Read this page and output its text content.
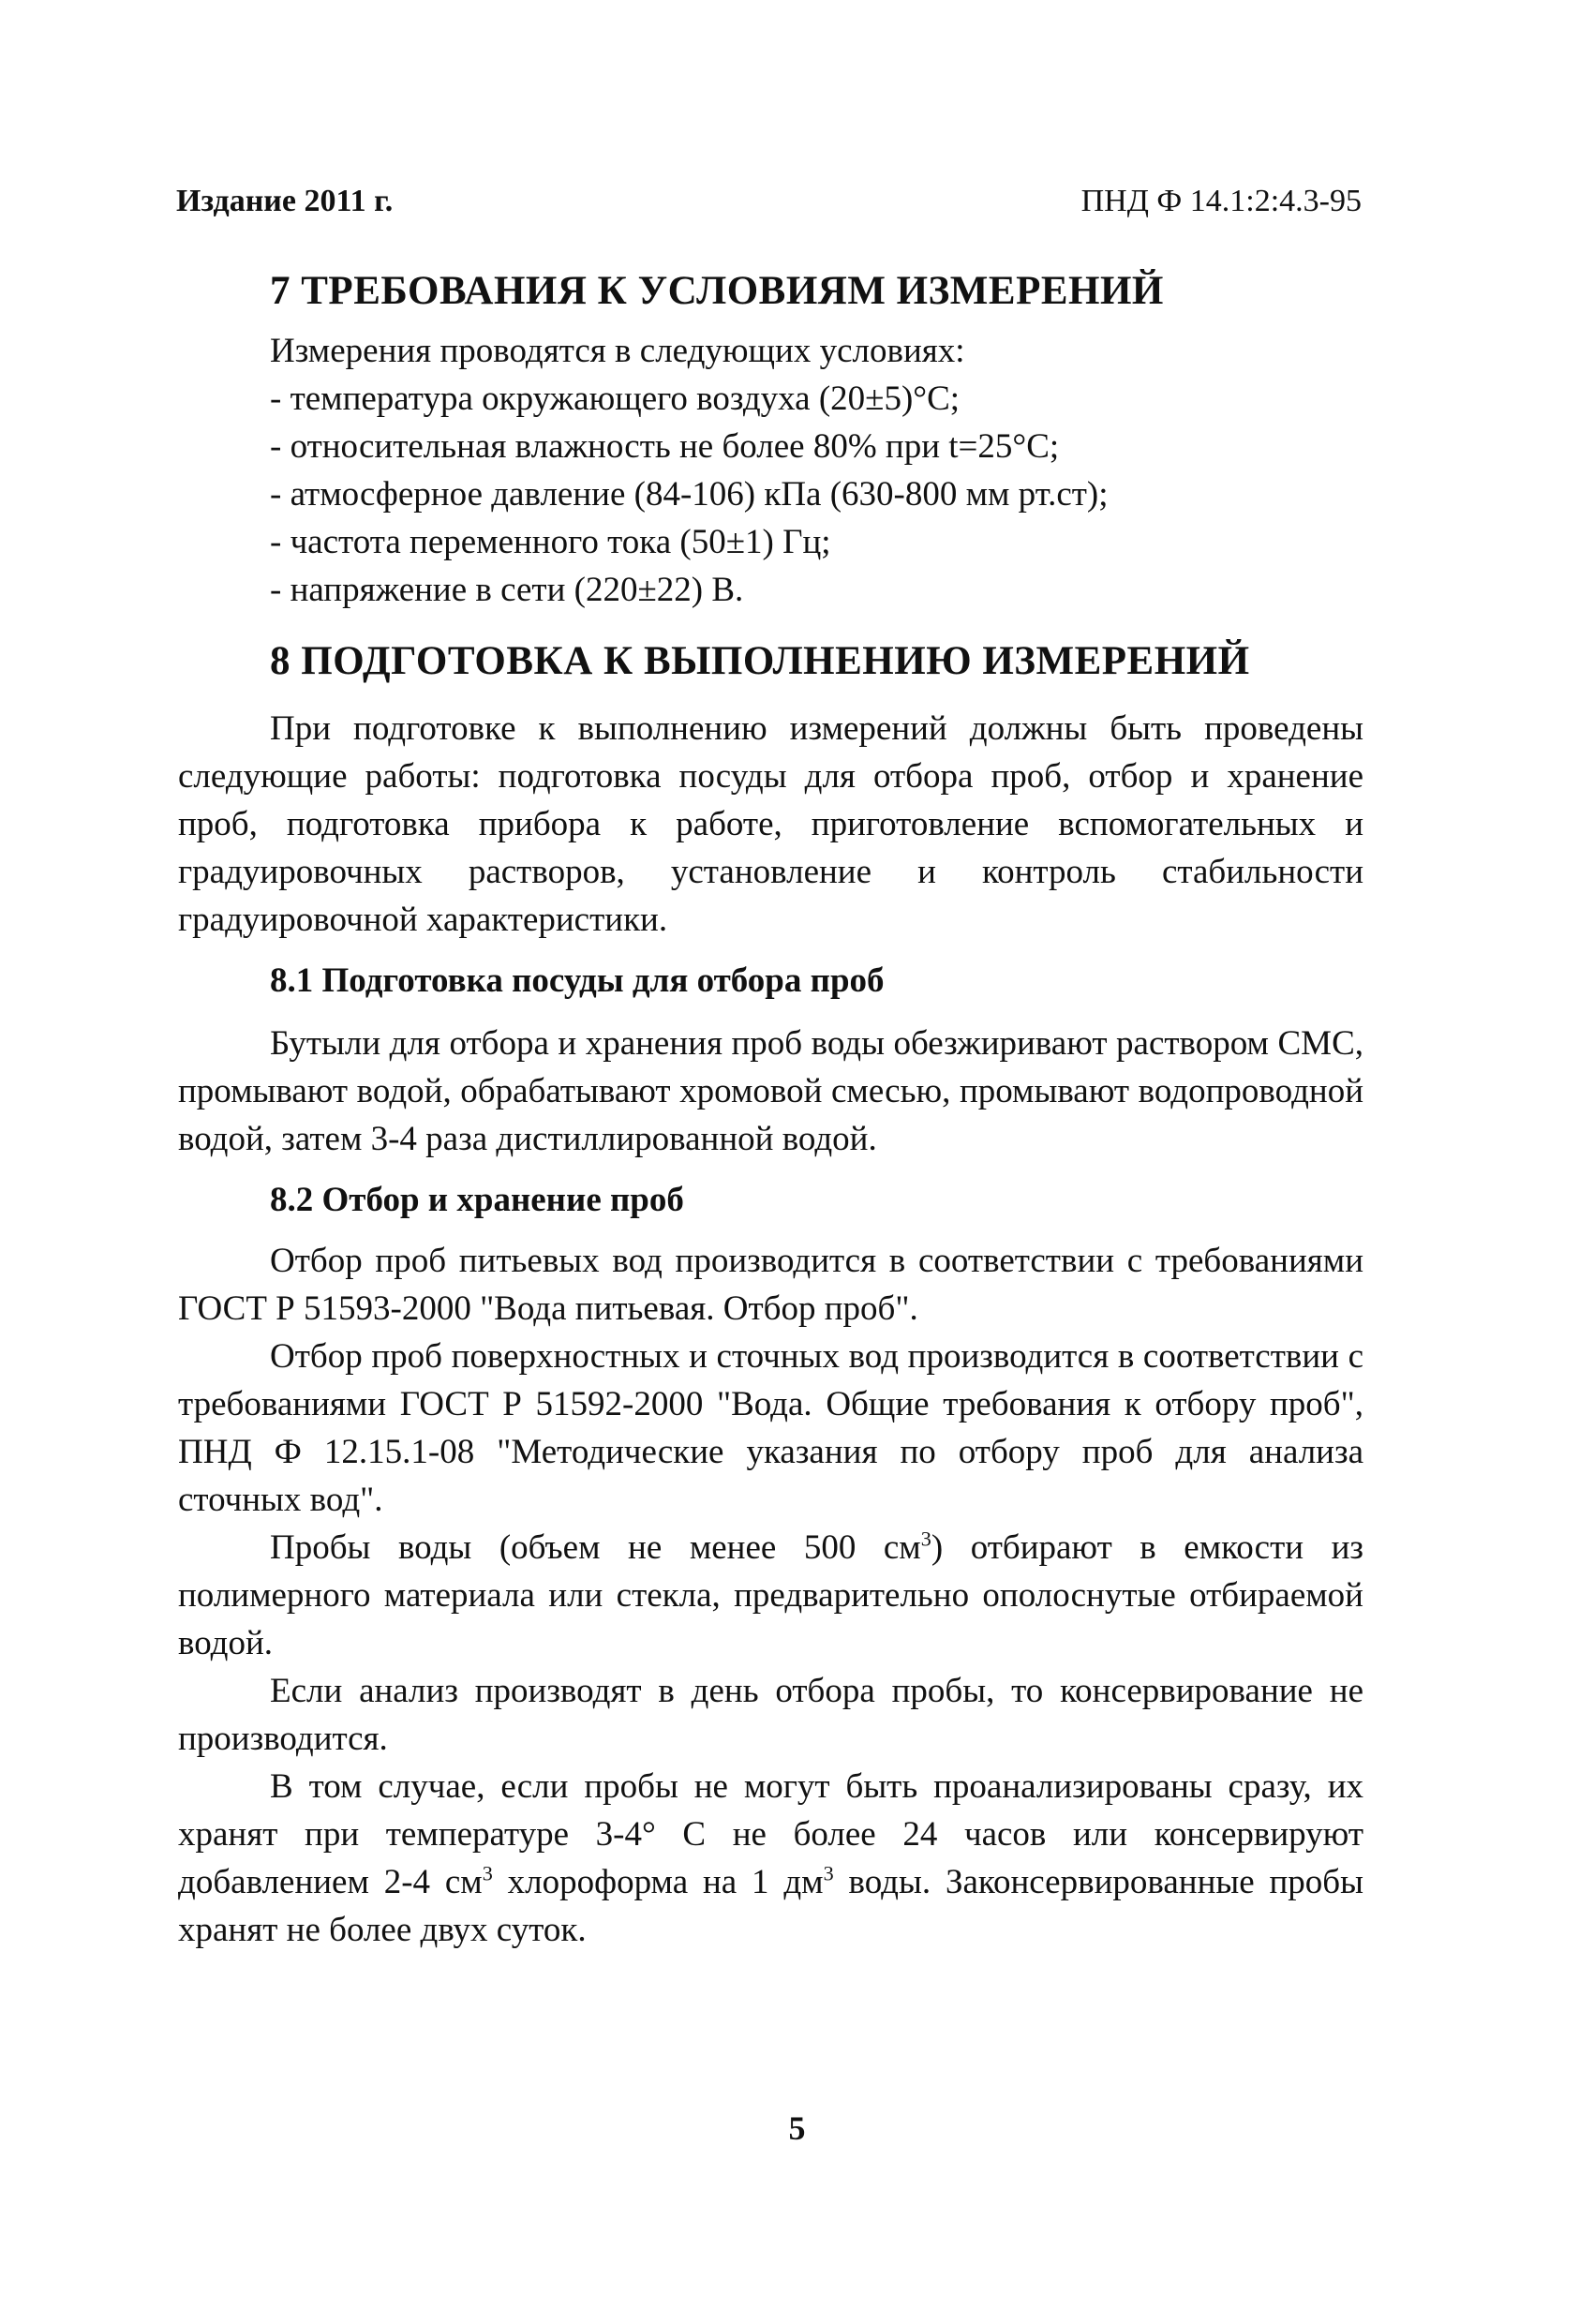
Издание 2011 г.	ПНД Ф 14.1:2:4.3-95
7 ТРЕБОВАНИЯ К УСЛОВИЯМ ИЗМЕРЕНИЙ

Измерения проводятся в следующих условиях:

- температура окружающего воздуха (20±5)°С;

- относительная влажность не более 80% при t=25°С;

- атмосферное давление (84-106) кПа (630-800 мм рт.ст);

- частота переменного тока (50±1) Гц;

- напряжение в сети (220±22) В.

8 ПОДГОТОВКА К ВЫПОЛНЕНИЮ ИЗМЕРЕНИЙ

При подготовке к выполнению измерений должны быть проведены следующие работы: подготовка посуды для отбора проб, отбор и хранение проб, подготовка прибора к работе, приготовление вспомогательных и градуировочных растворов, установление и контроль стабильности градуировочной характеристики.

8.1 Подготовка посуды для отбора проб

Бутыли для отбора и хранения проб воды обезжиривают раствором СМС, промывают водой, обрабатывают хромовой смесью, промывают водопроводной водой, затем 3-4 раза дистиллированной водой.

8.2 Отбор и хранение проб

Отбор проб питьевых вод производится в соответствии с требованиями ГОСТ Р 51593-2000 "Вода питьевая. Отбор проб".

Отбор проб поверхностных и сточных вод производится в соответствии с требованиями ГОСТ Р 51592-2000 "Вода. Общие требования к отбору проб", ПНД Ф 12.15.1-08 "Методические указания по отбору проб для анализа сточных вод".

Пробы воды (объем не менее 500 $см^3$) отбирают в емкости из полимерного материала или стекла, предварительно ополоснутые отбираемой водой.

Если анализ производят в день отбора пробы, то консервирование не производится.

В том случае, если пробы не могут быть проанализированы сразу, их хранят при температуре 3-4° С не более 24 часов или консервируют добавлением 2-4 $см^3$ хлороформа на 1 $дм^3$ воды. Законсервированные пробы хранят не более двух суток.

5
